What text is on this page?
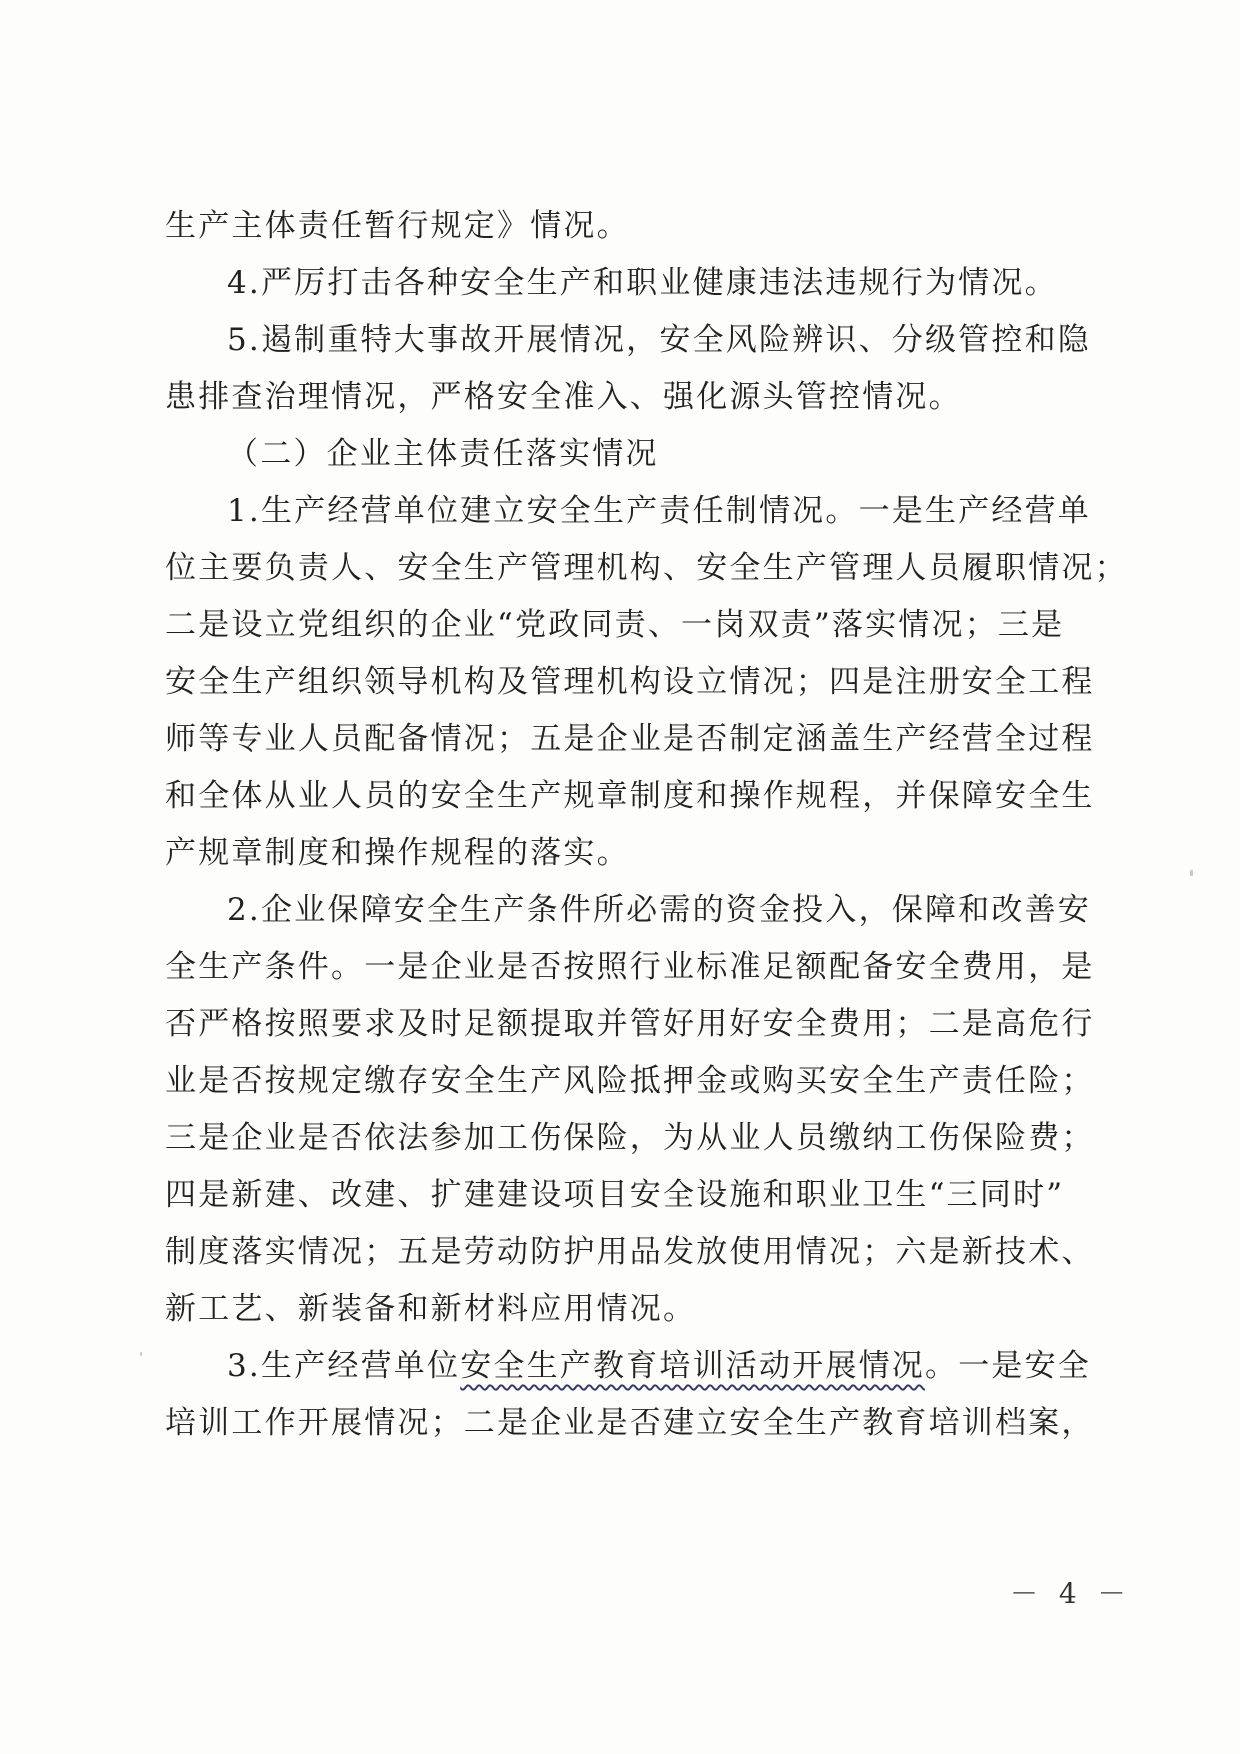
生产主体责任暂行规定》情况。
4.严厉打击各种安全生产和职业健康违法违规行为情况。
5.遏制重特大事故开展情况，安全风险辨识、分级管控和隐
患排查治理情况，严格安全准入、强化源头管控情况。
（二）企业主体责任落实情况
1.生产经营单位建立安全生产责任制情况。一是生产经营单
位主要负责人、安全生产管理机构、安全生产管理人员履职情况；
二是设立党组织的企业“党政同责、一岗双责”落实情况；三是
安全生产组织领导机构及管理机构设立情况；四是注册安全工程
师等专业人员配备情况；五是企业是否制定涵盖生产经营全过程
和全体从业人员的安全生产规章制度和操作规程，并保障安全生
产规章制度和操作规程的落实。
2.企业保障安全生产条件所必需的资金投入，保障和改善安
全生产条件。一是企业是否按照行业标准足额配备安全费用，是
否严格按照要求及时足额提取并管好用好安全费用；二是高危行
业是否按规定缴存安全生产风险抵押金或购买安全生产责任险；
三是企业是否依法参加工伤保险，为从业人员缴纳工伤保险费；
四是新建、改建、扩建建设项目安全设施和职业卫生“三同时”
制度落实情况；五是劳动防护用品发放使用情况；六是新技术、
新工艺、新装备和新材料应用情况。
3.生产经营单位安全生产教育培训活动开展情况。一是安全
培训工作开展情况；二是企业是否建立安全生产教育培训档案，
－ 4 －
